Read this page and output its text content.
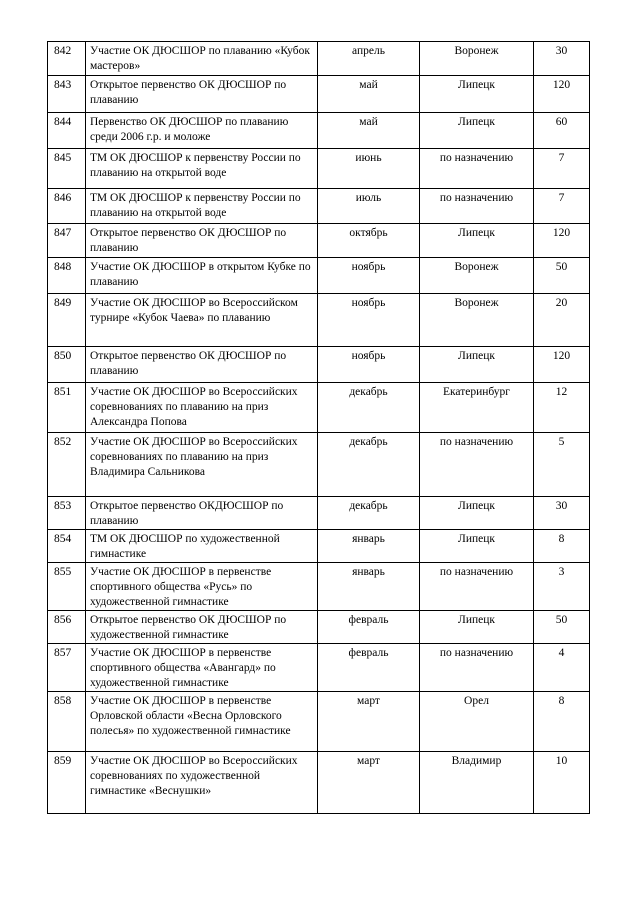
842	Участие ОК ДЮСШОР по плаванию «Кубок мастеров»	апрель	Воронеж	30
843	Открытое первенство ОК ДЮСШОР по плаванию	май	Липецк	120
844	Первенство ОК ДЮСШОР по плаванию среди 2006 г.р. и моложе	май	Липецк	60
845	ТМ ОК ДЮСШОР к первенству России по плаванию на открытой воде	июнь	по назначению	7
846	ТМ ОК ДЮСШОР к первенству России по плаванию на открытой воде	июль	по назначению	7
847	Открытое первенство ОК ДЮСШОР по плаванию	октябрь	Липецк	120
848	Участие ОК ДЮСШОР в открытом Кубке по плаванию	ноябрь	Воронеж	50
849	Участие ОК ДЮСШОР во Всероссийском турнире «Кубок Чаева» по плаванию	ноябрь	Воронеж	20
850	Открытое первенство ОК ДЮСШОР по плаванию	ноябрь	Липецк	120
851	Участие ОК ДЮСШОР во Всероссийских соревнованиях по плаванию на приз Александра Попова	декабрь	Екатеринбург	12
852	Участие ОК ДЮСШОР во Всероссийских соревнованиях по плаванию на приз Владимира Сальникова	декабрь	по назначению	5
853	Открытое первенство ОКДЮСШОР по плаванию	декабрь	Липецк	30
854	ТМ ОК ДЮСШОР по художественной гимнастике	январь	Липецк	8
855	Участие ОК ДЮСШОР в первенстве спортивного общества «Русь» по художественной гимнастике	январь	по назначению	3
856	Открытое первенство ОК ДЮСШОР по художественной гимнастике	февраль	Липецк	50
857	Участие ОК ДЮСШОР в первенстве спортивного общества «Авангард» по художественной гимнастике	февраль	по назначению	4
858	Участие ОК ДЮСШОР в первенстве Орловской области «Весна Орловского полесья» по художественной гимнастике	март	Орел	8
859	Участие ОК ДЮСШОР во Всероссийских соревнованиях по художественной гимнастике «Веснушки»	март	Владимир	10
